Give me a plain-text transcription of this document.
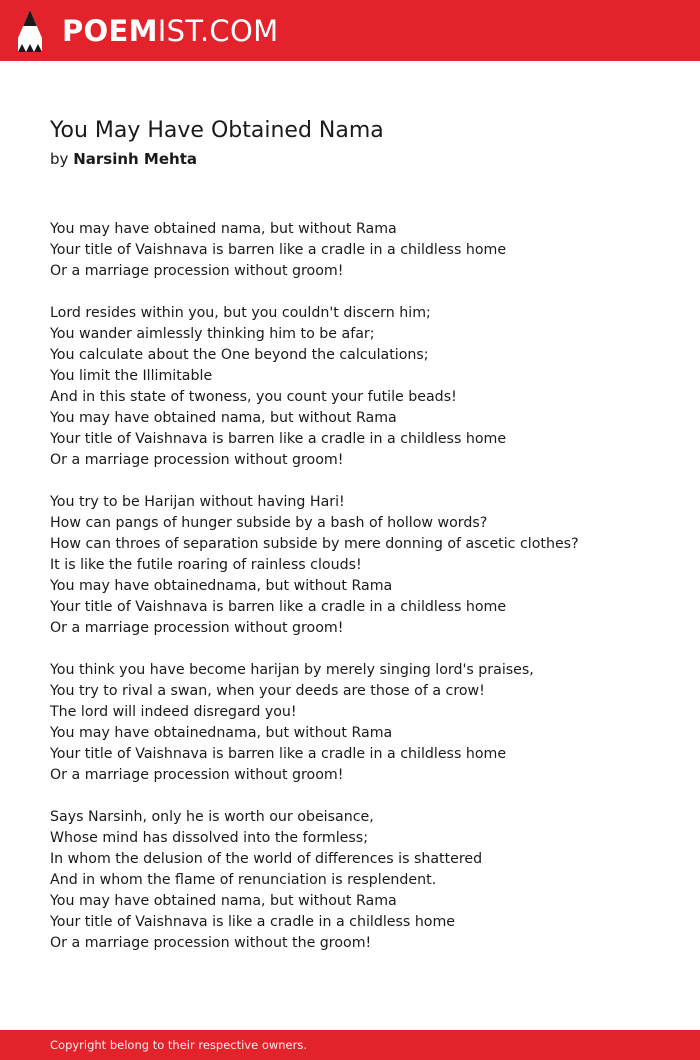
POEMIST.COM
You May Have Obtained Nama
by Narsinh Mehta
You may have obtained nama, but without Rama
Your title of Vaishnava is barren like a cradle in a childless home
Or a marriage procession without groom!
Lord resides within you, but you couldn't discern him;
You wander aimlessly thinking him to be afar;
You calculate about the One beyond the calculations;
You limit the Illimitable
And in this state of twoness, you count your futile beads!
You may have obtained nama, but without Rama
Your title of Vaishnava is barren like a cradle in a childless home
Or a marriage procession without groom!
You try to be Harijan without having Hari!
How can pangs of hunger subside by a bash of hollow words?
How can throes of separation subside by mere donning of ascetic clothes?
It is like the futile roaring of rainless clouds!
You may have obtainednama, but without Rama
Your title of Vaishnava is barren like a cradle in a childless home
Or a marriage procession without groom!
You think you have become harijan by merely singing lord's praises,
You try to rival a swan, when your deeds are those of a crow!
The lord will indeed disregard you!
You may have obtainednama, but without Rama
Your title of Vaishnava is barren like a cradle in a childless home
Or a marriage procession without groom!
Says Narsinh, only he is worth our obeisance,
Whose mind has dissolved into the formless;
In whom the delusion of the world of differences is shattered
And in whom the flame of renunciation is resplendent.
You may have obtained nama, but without Rama
Your title of Vaishnava is like a cradle in a childless home
Or a marriage procession without the groom!
Copyright belong to their respective owners.
